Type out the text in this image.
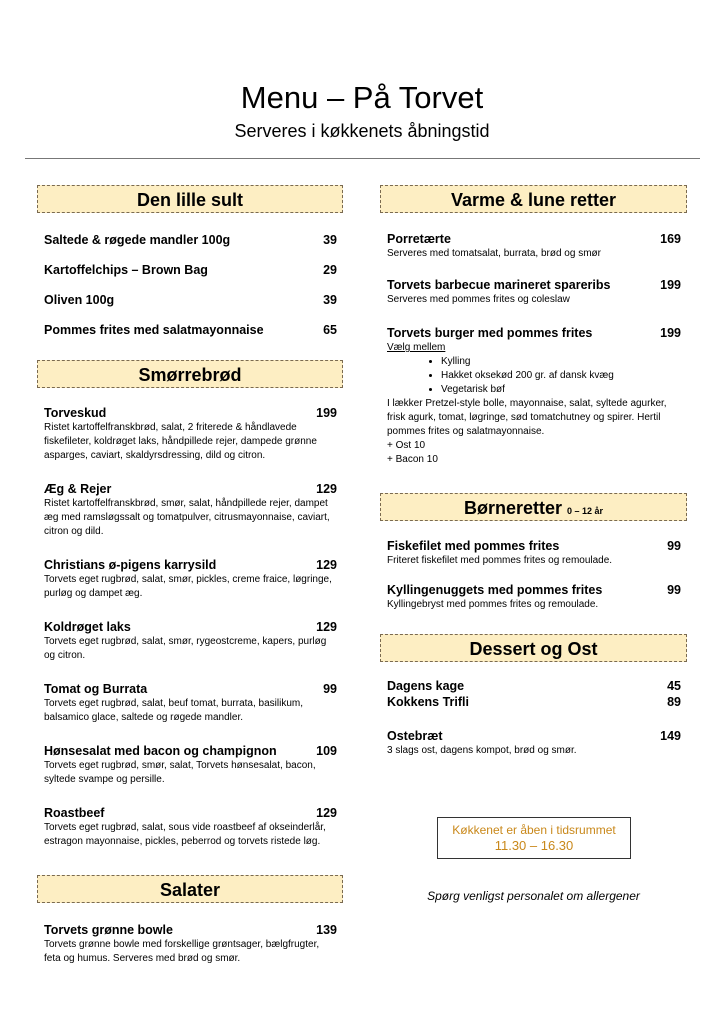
Menu – På Torvet
Serveres i køkkenets åbningstid
Den lille sult
Saltede & røgede mandler 100g	39
Kartoffelchips – Brown Bag	29
Oliven 100g	39
Pommes frites med salatmayonnaise	65
Smørrebrød
Torveskud	199
Ristet kartoffelfranskbrød, salat, 2 friterede & håndlavede fiskefileter, koldrøget laks, håndpillede rejer, dampede grønne asparges, caviart, skaldyrsdressing, dild og citron.
Æg & Rejer	129
Ristet kartoffelfranskbrød, smør, salat, håndpillede rejer, dampet æg med ramsløgssalt og tomatpulver, citrusmayonnaise, caviart, citron og dild.
Christians ø-pigens karrysild	129
Torvets eget rugbrød, salat, smør, pickles, creme fraice, løgringe, purløg og dampet æg.
Koldrøget laks	129
Torvets eget rugbrød, salat, smør, rygeostcreme, kapers, purløg og citron.
Tomat og Burrata	99
Torvets eget rugbrød, salat, beuf tomat, burrata, basilikum, balsamico glace, saltede og røgede mandler.
Hønsesalat med bacon og champignon	109
Torvets eget rugbrød, smør, salat, Torvets hønsesalat, bacon, syltede svampe og persille.
Roastbeef	129
Torvets eget rugbrød, salat, sous vide roastbeef af okseinderlår, estragon mayonnaise, pickles, peberrod og torvets ristede løg.
Salater
Torvets grønne bowle	139
Torvets grønne bowle med forskellige grøntsager, bælgfrugter, feta og humus. Serveres med brød og smør.
Varme & lune retter
Porretærte	169
Serveres med tomatsalat, burrata, brød og smør
Torvets barbecue marineret spareribs	199
Serveres med pommes frites og coleslaw
Torvets burger med pommes frites	199
Vælg mellem
• Kylling
• Hakket oksekød 200 gr. af dansk kvæg
• Vegetarisk bøf
I lækker Pretzel-style bolle, mayonnaise, salat, syltede agurker, frisk agurk, tomat, løgringe, sød tomatchutney og spirer. Hertil pommes frites og salatmayonnaise.
+ Ost 10
+ Bacon 10
Børneretter 0 – 12 år
Fiskefilet med pommes frites	99
Friteret fiskefilet med pommes frites og remoulade.
Kyllingenuggets med pommes frites	99
Kyllingebryst med pommes frites og remoulade.
Dessert og Ost
Dagens kage	45
Kokkens Trifli	89
Ostebræt	149
3 slags ost, dagens kompot, brød og smør.
Køkkenet er åben i tidsrummet
11.30 – 16.30
Spørg venligst personalet om allergener
